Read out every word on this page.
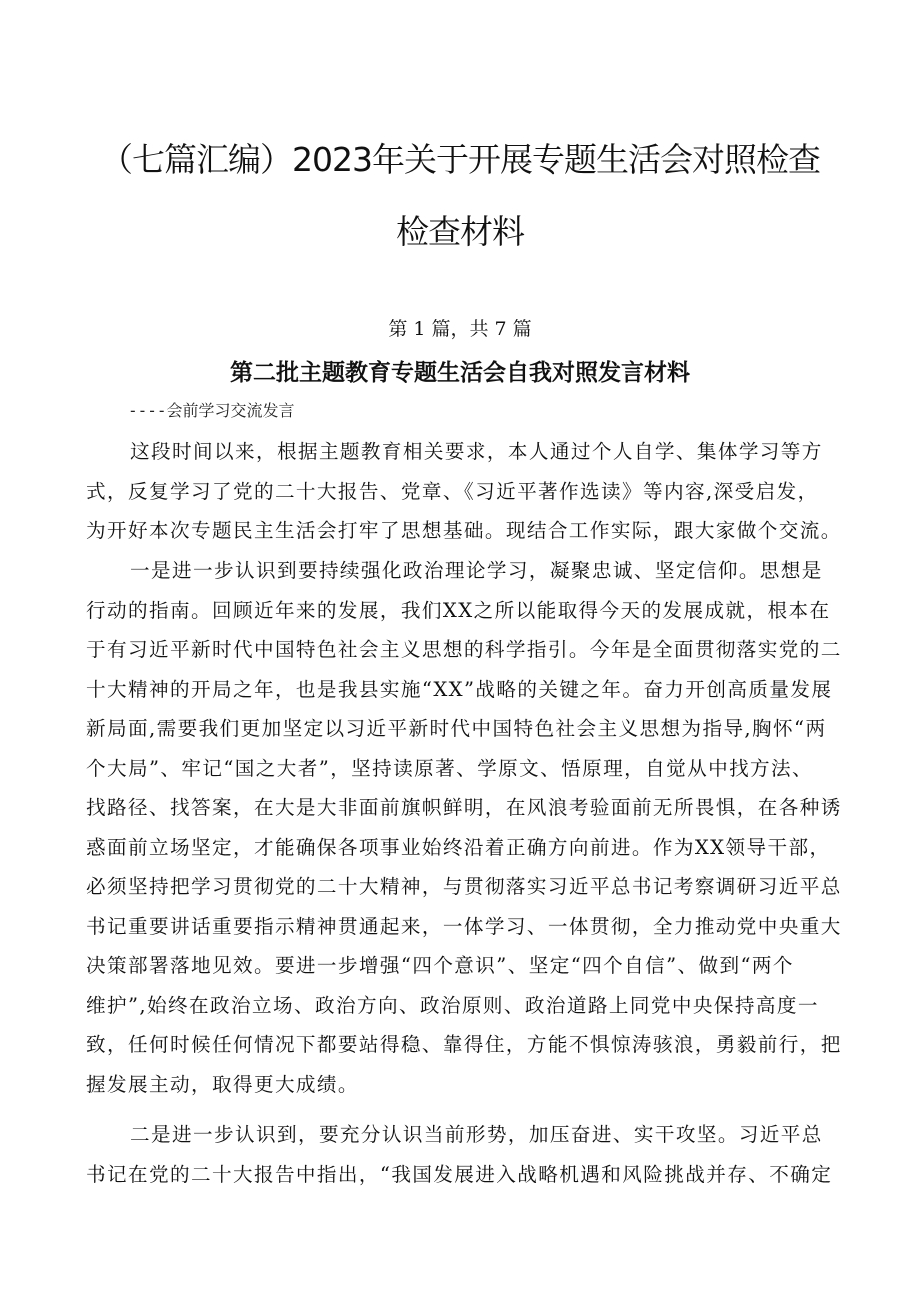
（七篇汇编）2023年关于开展专题生活会对照检查
检查材料
第 1 篇，共 7 篇
第二批主题教育专题生活会自我对照发言材料
----会前学习交流发言
这段时间以来，根据主题教育相关要求，本人通过个人自学、集体学习等方
式，反复学习了党的二十大报告、党章、《习近平著作选读》等内容,深受启发，
为开好本次专题民主生活会打牢了思想基础。现结合工作实际，跟大家做个交流。
一是进一步认识到要持续强化政治理论学习，凝聚忠诚、坚定信仰。思想是
行动的指南。回顾近年来的发展，我们XX之所以能取得今天的发展成就，根本在
于有习近平新时代中国特色社会主义思想的科学指引。今年是全面贯彻落实党的二
十大精神的开局之年，也是我县实施“XX”战略的关键之年。奋力开创高质量发展
新局面,需要我们更加坚定以习近平新时代中国特色社会主义思想为指导,胸怀“两
个大局”、牢记“国之大者”，坚持读原著、学原文、悟原理，自觉从中找方法、
找路径、找答案，在大是大非面前旗帜鲜明，在风浪考验面前无所畏惧，在各种诱
惑面前立场坚定，才能确保各项事业始终沿着正确方向前进。作为XX领导干部，
必须坚持把学习贯彻党的二十大精神，与贯彻落实习近平总书记考察调研习近平总
书记重要讲话重要指示精神贯通起来，一体学习、一体贯彻，全力推动党中央重大
决策部署落地见效。要进一步增强“四个意识”、坚定“四个自信”、做到“两个
维护”,始终在政治立场、政治方向、政治原则、政治道路上同党中央保持高度一
致，任何时候任何情况下都要站得稳、靠得住，方能不惧惊涛骇浪，勇毅前行，把
握发展主动，取得更大成绩。
二是进一步认识到，要充分认识当前形势，加压奋进、实干攻坚。习近平总
书记在党的二十大报告中指出，“我国发展进入战略机遇和风险挑战并存、不确定
